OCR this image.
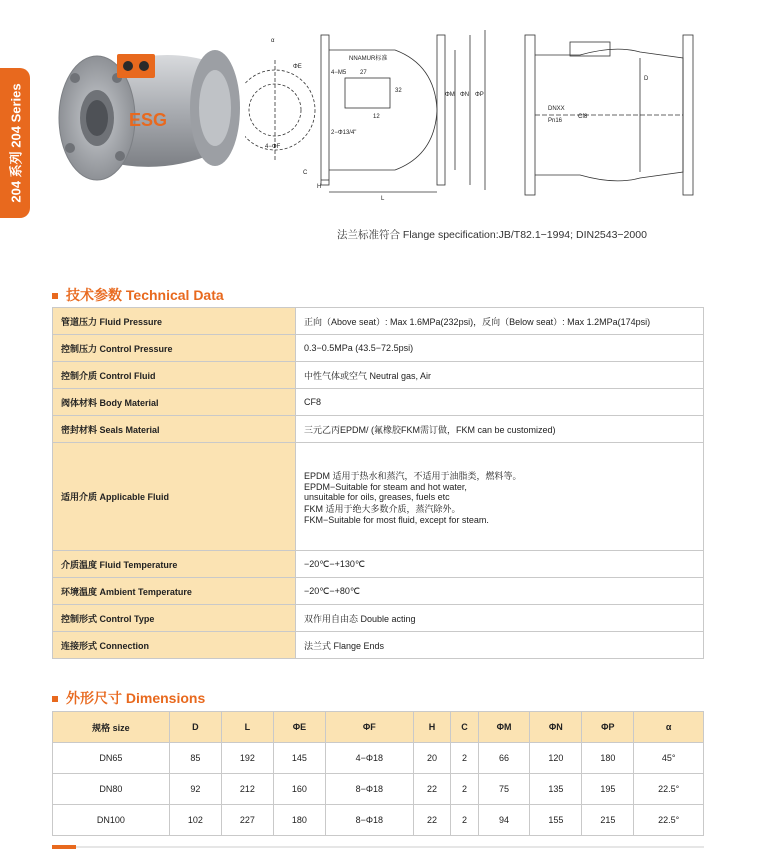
204 系列 204 Series	ESG
α
ΦE
NNAMUR标准
4−M5 27
32
12
2−Φ13/4"
ΦM ΦN ΦP
C
H
L
4−ΦF
DNXX
Pn16
Cf8
D
法兰标准符合 Flange specification:JB/T82.1−1994; DIN2543−2000
技术参数 Technical Data
管道压力 Fluid Pressure	正向（Above seat）: Max 1.6MPa(232psi)，反向（Below seat）: Max 1.2MPa(174psi)
控制压力 Control Pressure	0.3−0.5MPa (43.5−72.5psi)
控制介质 Control Fluid	中性气体或空气 Neutral gas, Air
阀体材料 Body Material	CF8
密封材料 Seals Material	三元乙丙EPDM/ (氟橡胶FKM需订做，FKM can be customized)
适用介质 Applicable Fluid	EPDM 适用于热水和蒸汽，不适用于油脂类，燃料等。
EPDM−Suitable for steam and hot water,
unsuitable for oils, greases, fuels etc
FKM 适用于绝大多数介质，蒸汽除外。
FKM−Suitable for most fluid, except for steam.

介质温度 Fluid Temperature	−20℃−+130℃
环境温度 Ambient Temperature	−20℃−+80℃
控制形式 Control Type	双作用自由态 Double acting
连接形式 Connection	法兰式 Flange Ends
外形尺寸 Dimensions
规格 size	D	L	ΦE	ΦF	H	C	ΦM	ΦN	ΦP	α
DN65	85	192	145	4−Φ18	20	2	66	120	180	45°
DN80	92	212	160	8−Φ18	22	2	75	135	195	22.5°
DN100	102	227	180	8−Φ18	22	2	94	155	215	22.5°
